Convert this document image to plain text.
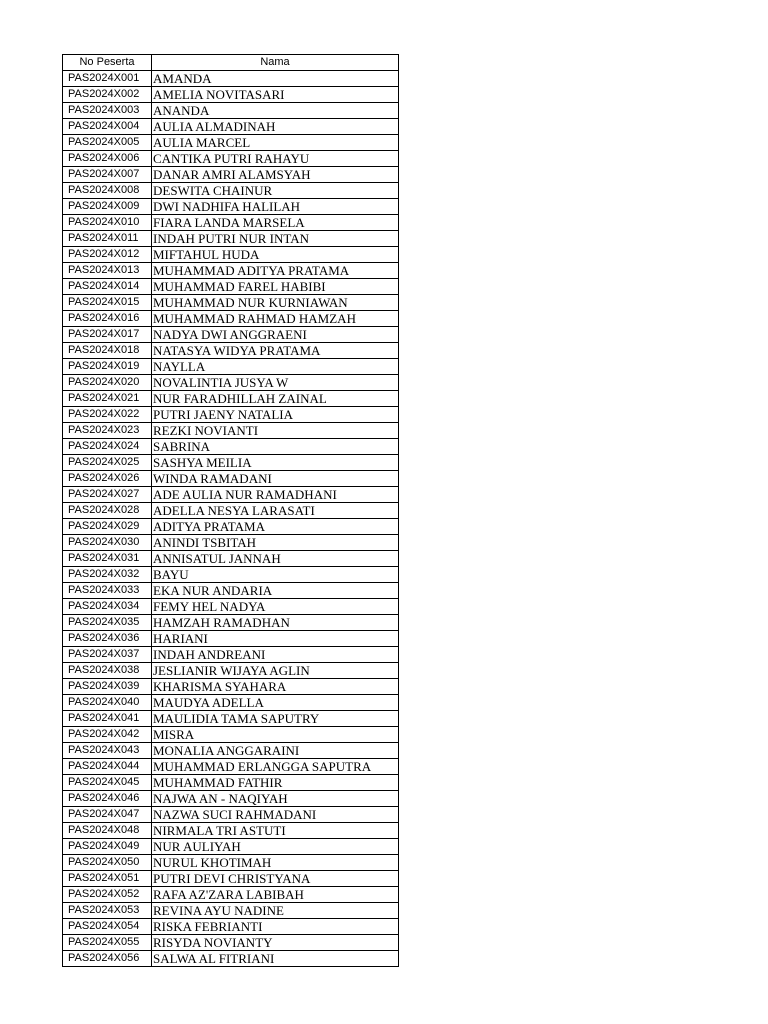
No Peserta	Nama
PAS2024X001	AMANDA
PAS2024X002	AMELIA NOVITASARI
PAS2024X003	ANANDA
PAS2024X004	AULIA ALMADINAH
PAS2024X005	AULIA MARCEL
PAS2024X006	CANTIKA PUTRI RAHAYU
PAS2024X007	DANAR AMRI ALAMSYAH
PAS2024X008	DESWITA CHAINUR
PAS2024X009	DWI NADHIFA HALILAH
PAS2024X010	FIARA LANDA MARSELA
PAS2024X011	INDAH PUTRI NUR INTAN
PAS2024X012	MIFTAHUL HUDA
PAS2024X013	MUHAMMAD ADITYA PRATAMA
PAS2024X014	MUHAMMAD FAREL HABIBI
PAS2024X015	MUHAMMAD NUR KURNIAWAN
PAS2024X016	MUHAMMAD RAHMAD HAMZAH
PAS2024X017	NADYA DWI ANGGRAENI
PAS2024X018	NATASYA WIDYA PRATAMA
PAS2024X019	NAYLLA
PAS2024X020	NOVALINTIA JUSYA W
PAS2024X021	NUR FARADHILLAH ZAINAL
PAS2024X022	PUTRI JAENY NATALIA
PAS2024X023	REZKI NOVIANTI
PAS2024X024	SABRINA
PAS2024X025	SASHYA MEILIA
PAS2024X026	WINDA RAMADANI
PAS2024X027	ADE AULIA NUR RAMADHANI
PAS2024X028	ADELLA NESYA LARASATI
PAS2024X029	ADITYA PRATAMA
PAS2024X030	ANINDI TSBITAH
PAS2024X031	ANNISATUL JANNAH
PAS2024X032	BAYU
PAS2024X033	EKA NUR ANDARIA
PAS2024X034	FEMY HEL NADYA
PAS2024X035	HAMZAH RAMADHAN
PAS2024X036	HARIANI
PAS2024X037	INDAH ANDREANI
PAS2024X038	JESLIANIR WIJAYA AGLIN
PAS2024X039	KHARISMA SYAHARA
PAS2024X040	MAUDYA ADELLA
PAS2024X041	MAULIDIA TAMA SAPUTRY
PAS2024X042	MISRA
PAS2024X043	MONALIA ANGGARAINI
PAS2024X044	MUHAMMAD ERLANGGA SAPUTRA
PAS2024X045	MUHAMMAD FATHIR
PAS2024X046	NAJWA AN - NAQIYAH
PAS2024X047	NAZWA SUCI RAHMADANI
PAS2024X048	NIRMALA TRI ASTUTI
PAS2024X049	NUR AULIYAH
PAS2024X050	NURUL KHOTIMAH
PAS2024X051	PUTRI DEVI CHRISTYANA
PAS2024X052	RAFA AZ'ZARA LABIBAH
PAS2024X053	REVINA AYU NADINE
PAS2024X054	RISKA FEBRIANTI
PAS2024X055	RISYDA NOVIANTY
PAS2024X056	SALWA AL FITRIANI
